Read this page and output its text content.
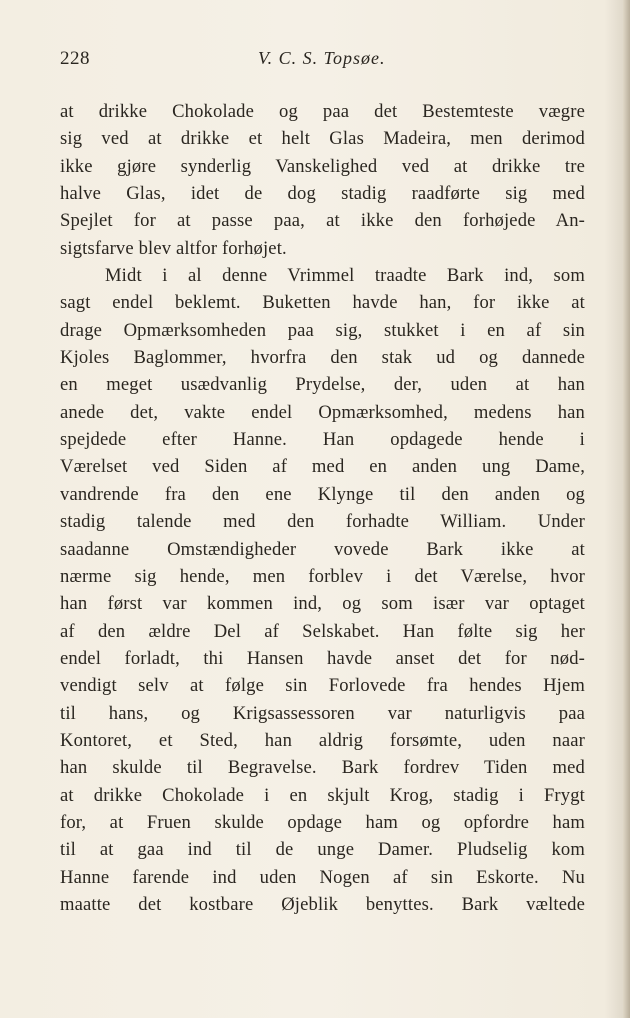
228	V. C. S. Topsøe.
at drikke Chokolade og paa det Bestemteste vægre
sig ved at drikke et helt Glas Madeira, men derimod
ikke gjøre synderlig Vanskelighed ved at drikke tre
halve Glas, idet de dog stadig raadførte sig med
Spejlet for at passe paa, at ikke den forhøjede An-
sigtsfarve blev altfor forhøjet.
Midt i al denne Vrimmel traadte Bark ind, som
sagt endel beklemt. Buketten havde han, for ikke at
drage Opmærksomheden paa sig, stukket i en af sin
Kjoles Baglommer, hvorfra den stak ud og dannede
en meget usædvanlig Prydelse, der, uden at han
anede det, vakte endel Opmærksomhed, medens han
spejdede efter Hanne. Han opdagede hende i
Værelset ved Siden af med en anden ung Dame,
vandrende fra den ene Klynge til den anden og
stadig talende med den forhadte William. Under
saadanne Omstændigheder vovede Bark ikke at
nærme sig hende, men forblev i det Værelse, hvor
han først var kommen ind, og som især var optaget
af den ældre Del af Selskabet. Han følte sig her
endel forladt, thi Hansen havde anset det for nød-
vendigt selv at følge sin Forlovede fra hendes Hjem
til hans, og Krigsassessoren var naturligvis paa
Kontoret, et Sted, han aldrig forsømte, uden naar
han skulde til Begravelse. Bark fordrev Tiden med
at drikke Chokolade i en skjult Krog, stadig i Frygt
for, at Fruen skulde opdage ham og opfordre ham
til at gaa ind til de unge Damer. Pludselig kom
Hanne farende ind uden Nogen af sin Eskorte. Nu
maatte det kostbare Øjeblik benyttes. Bark væltede
